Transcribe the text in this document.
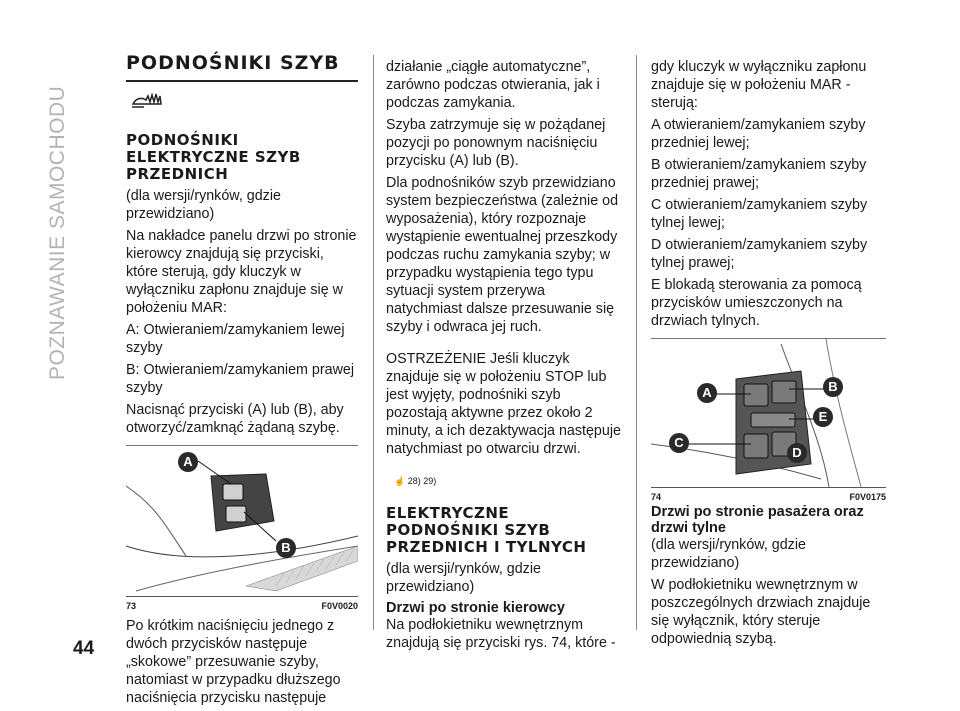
POZNAWANIE SAMOCHODU
44
PODNOŚNIKI SZYB
PODNOŚNIKI ELEKTRYCZNE SZYB PRZEDNICH

(dla wersji/rynków, gdzie przewidziano)

Na nakładce panelu drzwi po stronie kierowcy znajdują się przyciski, które sterują, gdy kluczyk w wyłączniku zapłonu znajduje się w położeniu MAR:

A: Otwieraniem/zamykaniem lewej szyby

B: Otwieraniem/zamykaniem prawej szyby

Nacisnąć przyciski (A) lub (B), aby otworzyć/zamknąć żądaną szybę.

A
B
73	F0V0020

Po krótkim naciśnięciu jednego z dwóch przycisków następuje „skokowe” przesuwanie szyby, natomiast w przypadku dłuższego naciśnięcia przycisku następuje

działanie „ciągłe automatyczne”, zarówno podczas otwierania, jak i podczas zamykania.

Szyba zatrzymuje się w pożądanej pozycji po ponownym naciśnięciu przycisku (A) lub (B).

Dla podnośników szyb przewidziano system bezpieczeństwa (zależnie od wyposażenia), który rozpoznaje wystąpienie ewentualnej przeszkody podczas ruchu zamykania szyby; w przypadku wystąpienia tego typu sytuacji system przerywa natychmiast dalsze przesuwanie się szyby i odwraca jej ruch.

OSTRZEŻENIE Jeśli kluczyk znajduje się w położeniu STOP lub jest wyjęty, podnośniki szyb pozostają aktywne przez około 2 minuty, a ich dezaktywacja następuje natychmiast po otwarciu drzwi.

☝ 28) 29)
ELEKTRYCZNE PODNOŚNIKI SZYB PRZEDNICH I TYLNYCH

(dla wersji/rynków, gdzie przewidziano)

Drzwi po stronie kierowcy

Na podłokietniku wewnętrznym znajdują się przyciski rys. 74, które -

gdy kluczyk w wyłączniku zapłonu znajduje się w położeniu MAR - sterują:

A otwieraniem/zamykaniem szyby przedniej lewej;

B otwieraniem/zamykaniem szyby przedniej prawej;

C otwieraniem/zamykaniem szyby tylnej lewej;

D otwieraniem/zamykaniem szyby tylnej prawej;

E blokadą sterowania za pomocą przycisków umieszczonych na drzwiach tylnych.

A	B
E
C
D
74	F0V0175
Drzwi po stronie pasażera oraz drzwi tylne

(dla wersji/rynków, gdzie przewidziano)

W podłokietniku wewnętrznym w poszczególnych drzwiach znajduje się wyłącznik, który steruje odpowiednią szybą.
